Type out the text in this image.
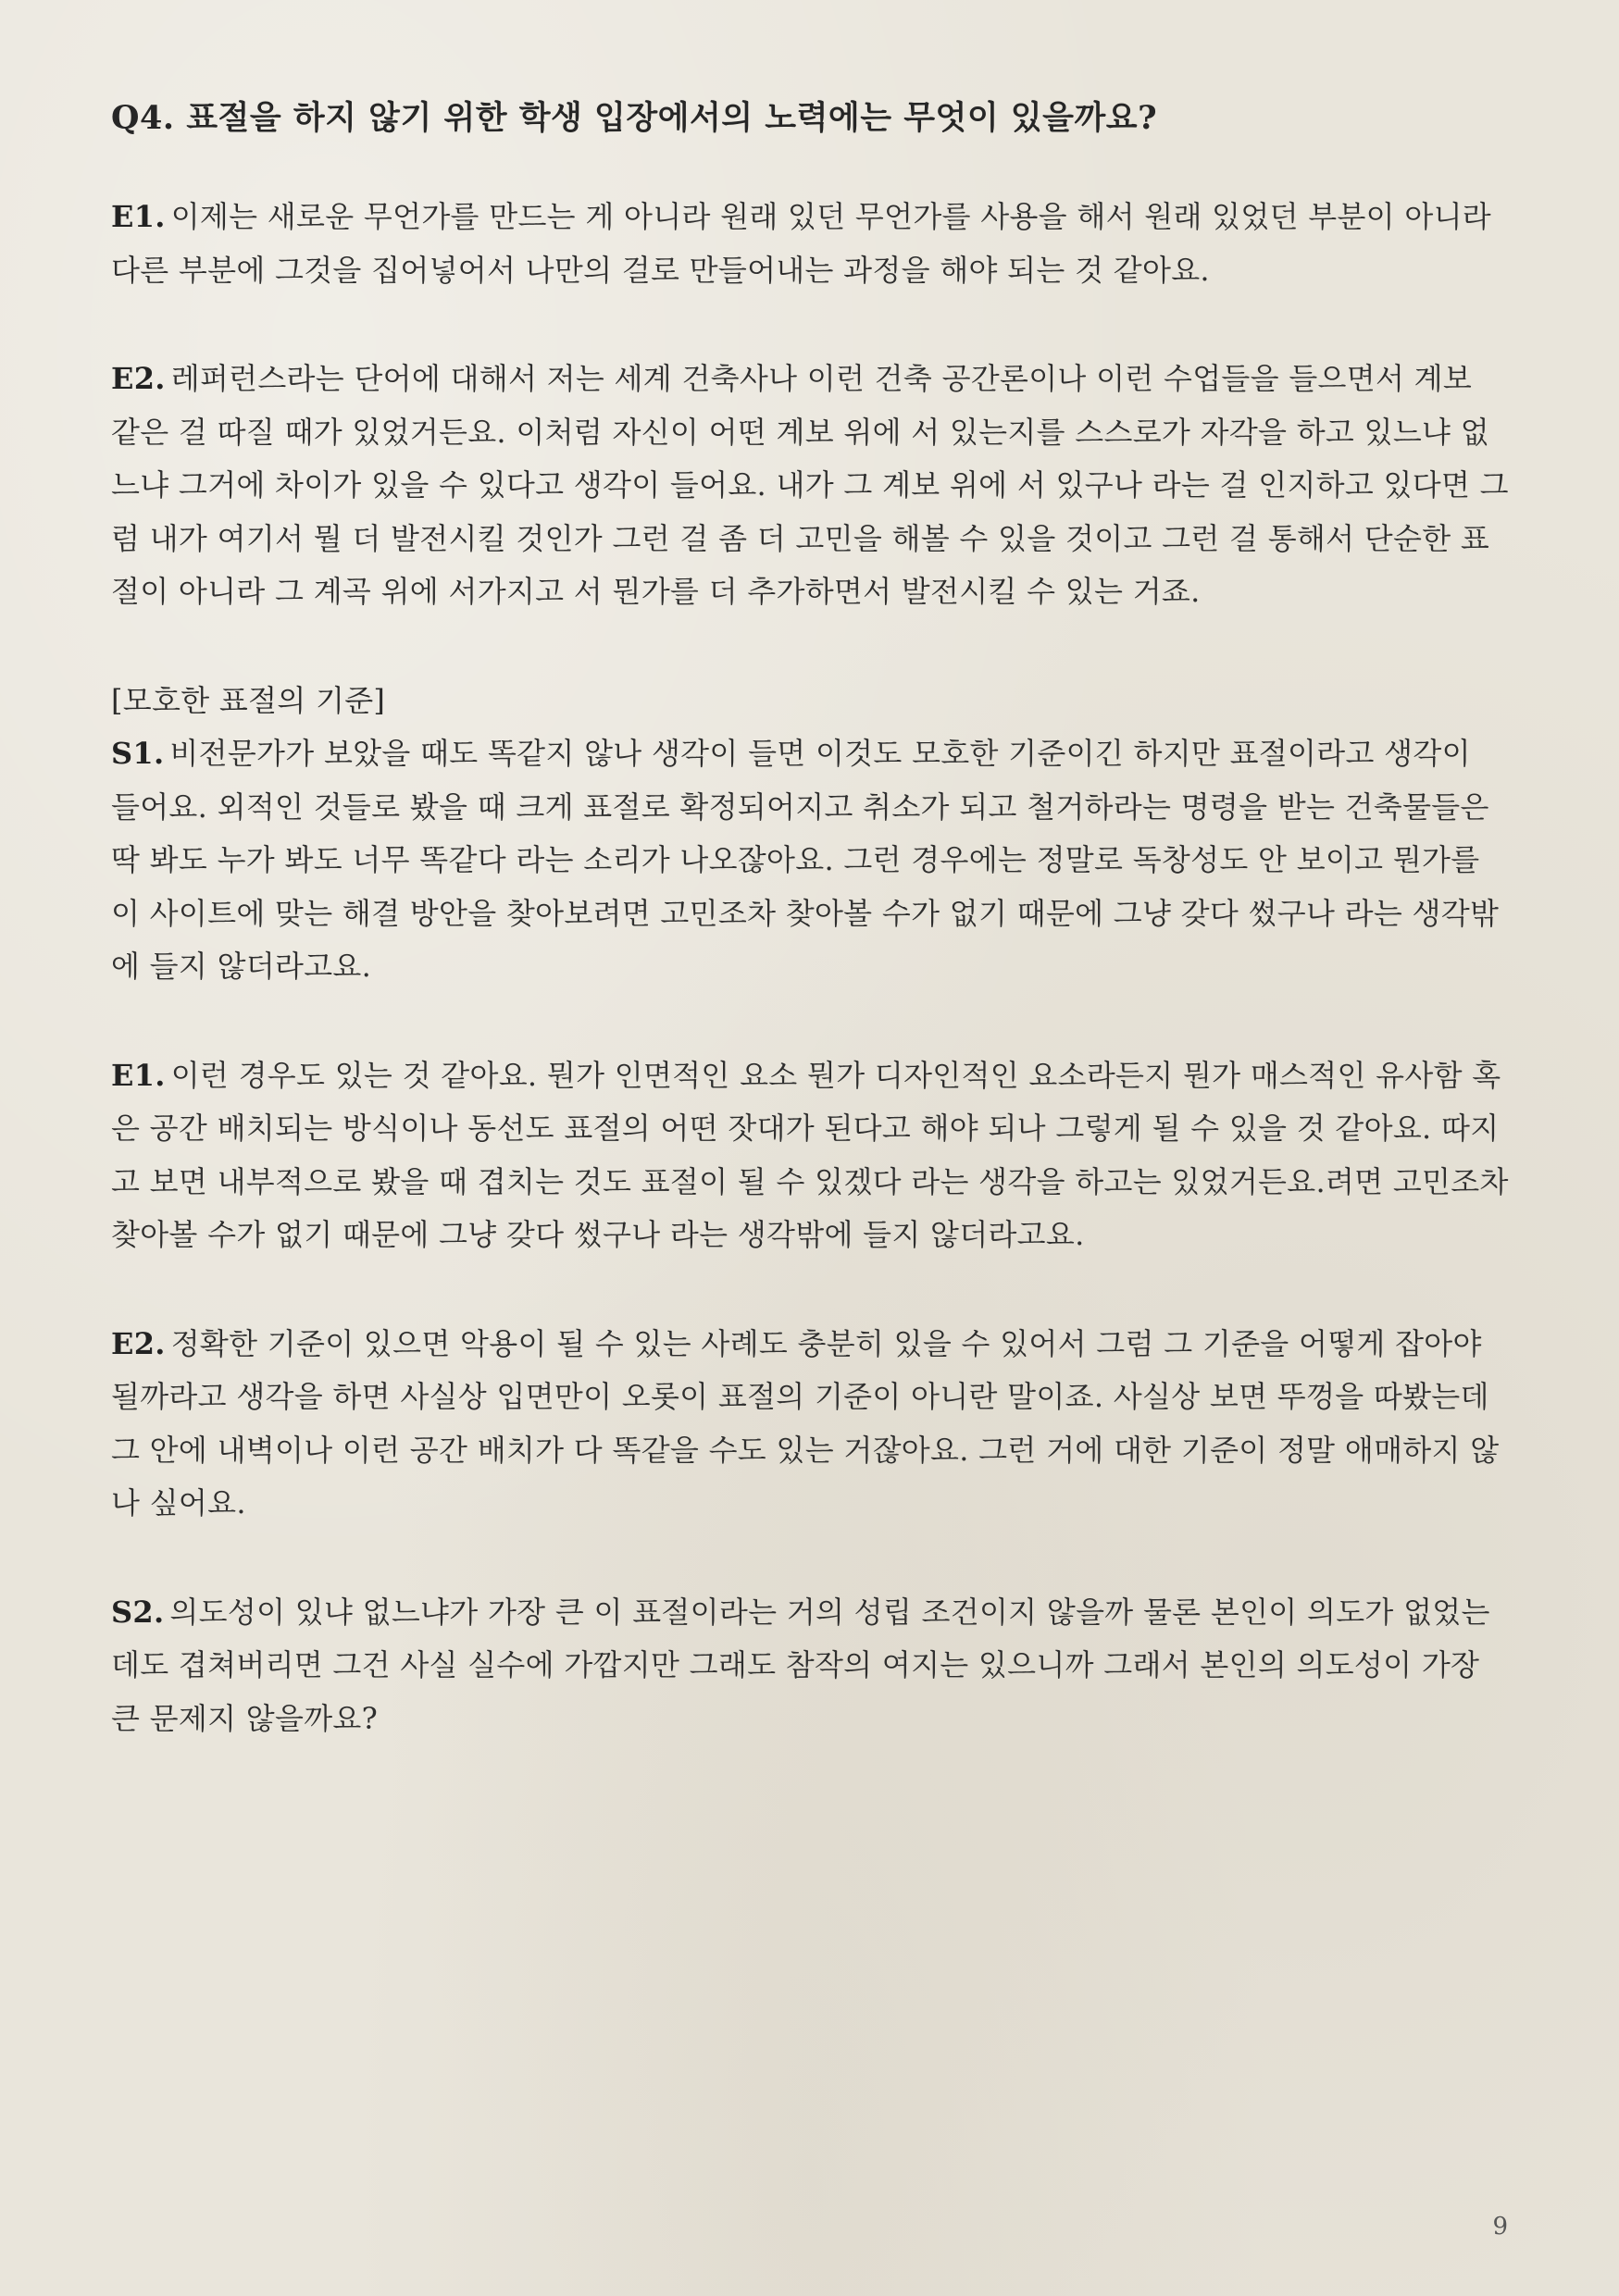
Q4. 표절을 하지 않기 위한 학생 입장에서의 노력에는 무엇이 있을까요?

E1. 이제는 새로운 무언가를 만드는 게 아니라 원래 있던 무언가를 사용을 해서 원래 있었던 부분이 아니라 다른 부분에 그것을 집어넣어서 나만의 걸로 만들어내는 과정을 해야 되는 것 같아요.

E2. 레퍼런스라는 단어에 대해서 저는 세계 건축사나 이런 건축 공간론이나 이런 수업들을 들으면서 계보 같은 걸 따질 때가 있었거든요. 이처럼 자신이 어떤 계보 위에 서 있는지를 스스로가 자각을 하고 있느냐 없느냐 그거에 차이가 있을 수 있다고 생각이 들어요. 내가 그 계보 위에 서 있구나 라는 걸 인지하고 있다면 그럼 내가 여기서 뭘 더 발전시킬 것인가 그런 걸 좀 더 고민을 해볼 수 있을 것이고 그런 걸 통해서 단순한 표절이 아니라 그 계곡 위에 서가지고 서 뭔가를 더 추가하면서 발전시킬 수 있는 거죠.

[모호한 표절의 기준]

S1. 비전문가가 보았을 때도 똑같지 않나 생각이 들면 이것도 모호한 기준이긴 하지만 표절이라고 생각이 들어요. 외적인 것들로 봤을 때 크게 표절로 확정되어지고 취소가 되고 철거하라는 명령을 받는 건축물들은 딱 봐도 누가 봐도 너무 똑같다 라는 소리가 나오잖아요. 그런 경우에는 정말로 독창성도 안 보이고 뭔가를 이 사이트에 맞는 해결 방안을 찾아보려면 고민조차 찾아볼 수가 없기 때문에 그냥 갖다 썼구나 라는 생각밖에 들지 않더라고요.

E1. 이런 경우도 있는 것 같아요. 뭔가 인면적인 요소 뭔가 디자인적인 요소라든지 뭔가 매스적인 유사함 혹은 공간 배치되는 방식이나 동선도 표절의 어떤 잣대가 된다고 해야 되나 그렇게 될 수 있을 것 같아요. 따지고 보면 내부적으로 봤을 때 겹치는 것도 표절이 될 수 있겠다 라는 생각을 하고는 있었거든요.려면 고민조차 찾아볼 수가 없기 때문에 그냥 갖다 썼구나 라는 생각밖에 들지 않더라고요.

E2. 정확한 기준이 있으면 악용이 될 수 있는 사례도 충분히 있을 수 있어서 그럼 그 기준을 어떻게 잡아야 될까라고 생각을 하면 사실상 입면만이 오롯이 표절의 기준이 아니란 말이죠. 사실상 보면 뚜껑을 따봤는데 그 안에 내벽이나 이런 공간 배치가 다 똑같을 수도 있는 거잖아요. 그런 거에 대한 기준이 정말 애매하지 않나 싶어요.

S2. 의도성이 있냐 없느냐가 가장 큰 이 표절이라는 거의 성립 조건이지 않을까 물론 본인이 의도가 없었는데도 겹쳐버리면 그건 사실 실수에 가깝지만 그래도 참작의 여지는 있으니까 그래서 본인의 의도성이 가장 큰 문제지 않을까요?

9
